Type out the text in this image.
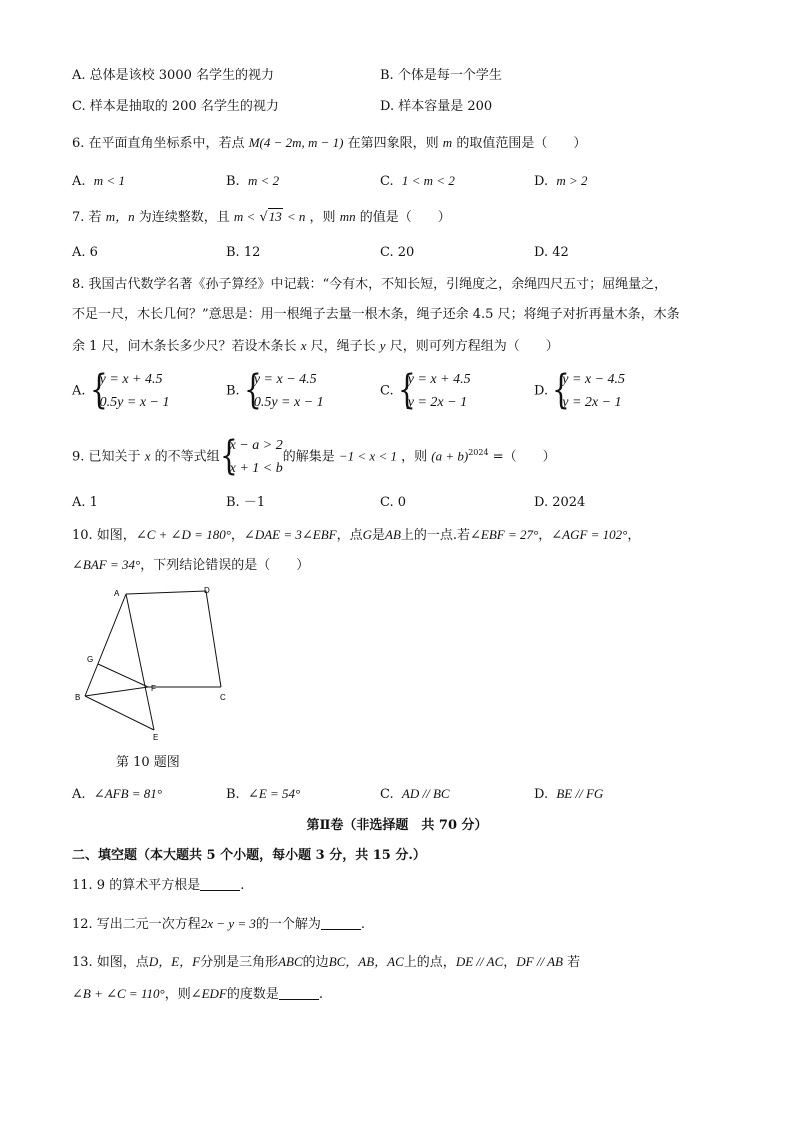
A. 总体是该校 3000 名学生的视力	B. 个体是每一个学生
C. 样本是抽取的 200 名学生的视力	D. 样本容量是 200
6. 在平面直角坐标系中，若点 M(4 − 2m, m − 1) 在第四象限，则 m 的取值范围是（　　）
A. m < 1	B. m < 2	C. 1 < m < 2	D. m > 2
7. 若 m，n 为连续整数，且 m < √13 < n ，则 mn 的值是（　　）
A. 6	B. 12	C. 20	D. 42
8. 我国古代数学名著《孙子算经》中记载：“今有木，不知长短，引绳度之，余绳四尺五寸；屈绳量之，
不足一尺，木长几何？”意思是：用一根绳子去量一根木条，绳子还余 4.5 尺；将绳子对折再量木条，木条
余 1 尺，问木条长多少尺？若设木条长 x 尺，绳子长 y 尺，则可列方程组为（　　）
A. {
y = x + 4.5
0.5y = x − 1
B. {
y = x − 4.5
0.5y = x − 1
C. {
y = x + 4.5
y = 2x − 1
D. {
y = x − 4.5
y = 2x − 1
9. 已知关于 x 的不等式组 {
x − a > 2
x + 1 < b
的解集是 −1 < x < 1 ，则 $(a + b)^{2024}$ =（　　）
A. 1	B. －1	C. 0	D. 2024
10. 如图，∠C + ∠D = 180°，∠DAE = 3∠EBF，点G是AB上的一点.若∠EBF = 27°，∠AGF = 102°，
∠BAF = 34°，下列结论错误的是（　　）
A	D
G
B
F
C
E
第 10 题图
A. ∠AFB = 81°	B. ∠E = 54°	C. AD // BC	D. BE // FG
第Ⅱ卷（非选择题　共 70 分）
二、填空题（本大题共 5 个小题，每小题 3 分，共 15 分.）
11. 9 的算术平方根是	.
12. 写出二元一次方程2x − y = 3的一个解为	.
13. 如图，点D，E，F分别是三角形ABC的边BC，AB，AC上的点，DE // AC，DF // AB 若
∠B + ∠C = 110°，则∠EDF的度数是	.
